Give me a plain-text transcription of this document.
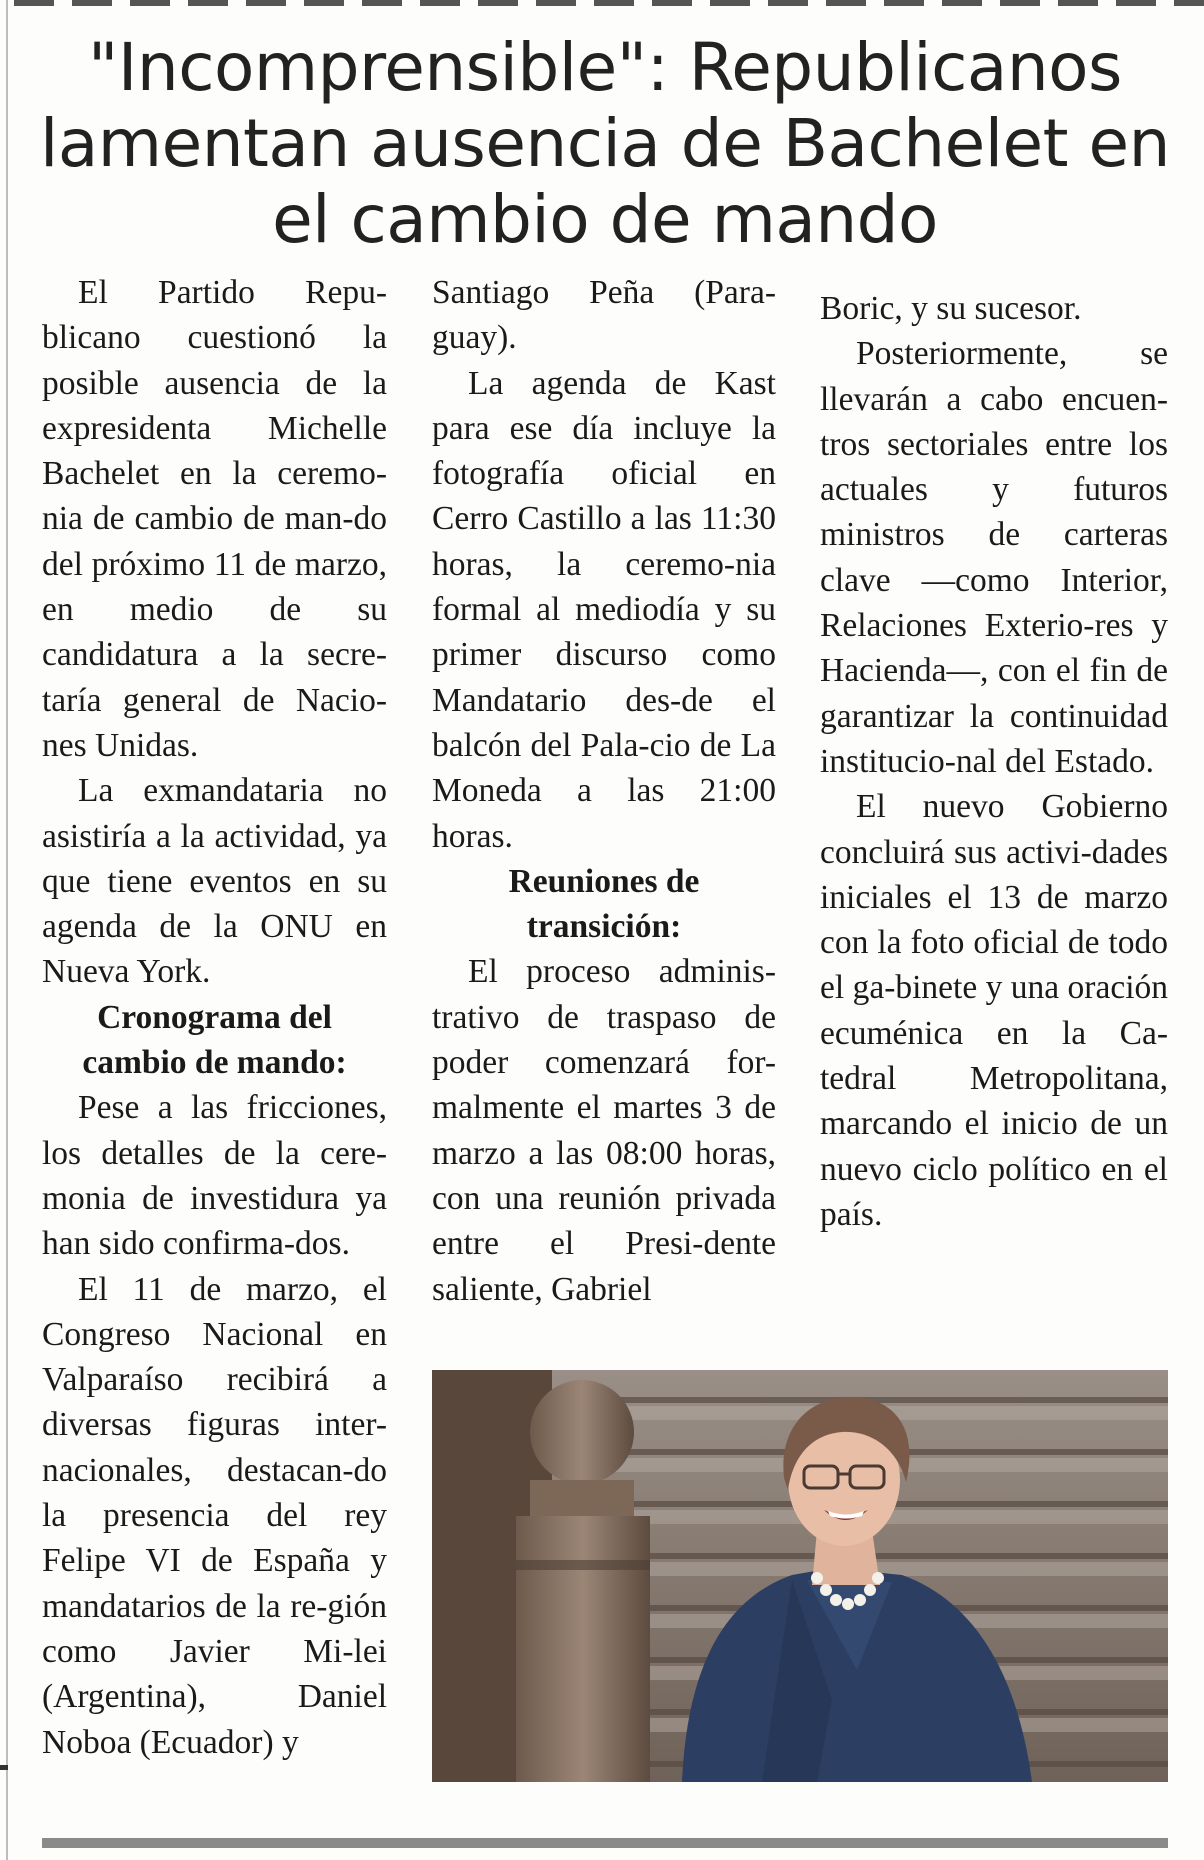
"Incomprensible": Republicanos lamentan ausencia de Bachelet en el cambio de mando

El Partido Repu-blicano cuestionó la posible ausencia de la expresidenta Michelle Bachelet en la ceremo-nia de cambio de man-do del próximo 11 de marzo, en medio de su candidatura a la secre-taría general de Nacio-nes Unidas.

La exmandataria no asistiría a la actividad, ya que tiene eventos en su agenda de la ONU en Nueva York.

Cronograma del cambio de mando:

Pese a las fricciones, los detalles de la cere-monia de investidura ya han sido confirma-dos.

El 11 de marzo, el Congreso Nacional en Valparaíso recibirá a diversas figuras inter-nacionales, destacan-do la presencia del rey Felipe VI de España y mandatarios de la re-gión como Javier Mi-lei (Argentina), Daniel Noboa (Ecuador) y

Santiago Peña (Para-guay).

La agenda de Kast para ese día incluye la fotografía oficial en Cerro Castillo a las 11:30 horas, la ceremo-nia formal al mediodía y su primer discurso como Mandatario des-de el balcón del Pala-cio de La Moneda a las 21:00 horas.

Reuniones de transición:

El proceso adminis-trativo de traspaso de poder comenzará for-malmente el martes 3 de marzo a las 08:00 horas, con una reunión privada entre el Presi-dente saliente, Gabriel

Boric, y su sucesor.

Posteriormente, se llevarán a cabo encuen-tros sectoriales entre los actuales y futuros ministros de carteras clave —como Interior, Relaciones Exterio-res y Hacienda—, con el fin de garantizar la continuidad institucio-nal del Estado.

El nuevo Gobierno concluirá sus activi-dades iniciales el 13 de marzo con la foto oficial de todo el ga-binete y una oración ecuménica en la Ca-tedral Metropolitana, marcando el inicio de un nuevo ciclo político en el país.
